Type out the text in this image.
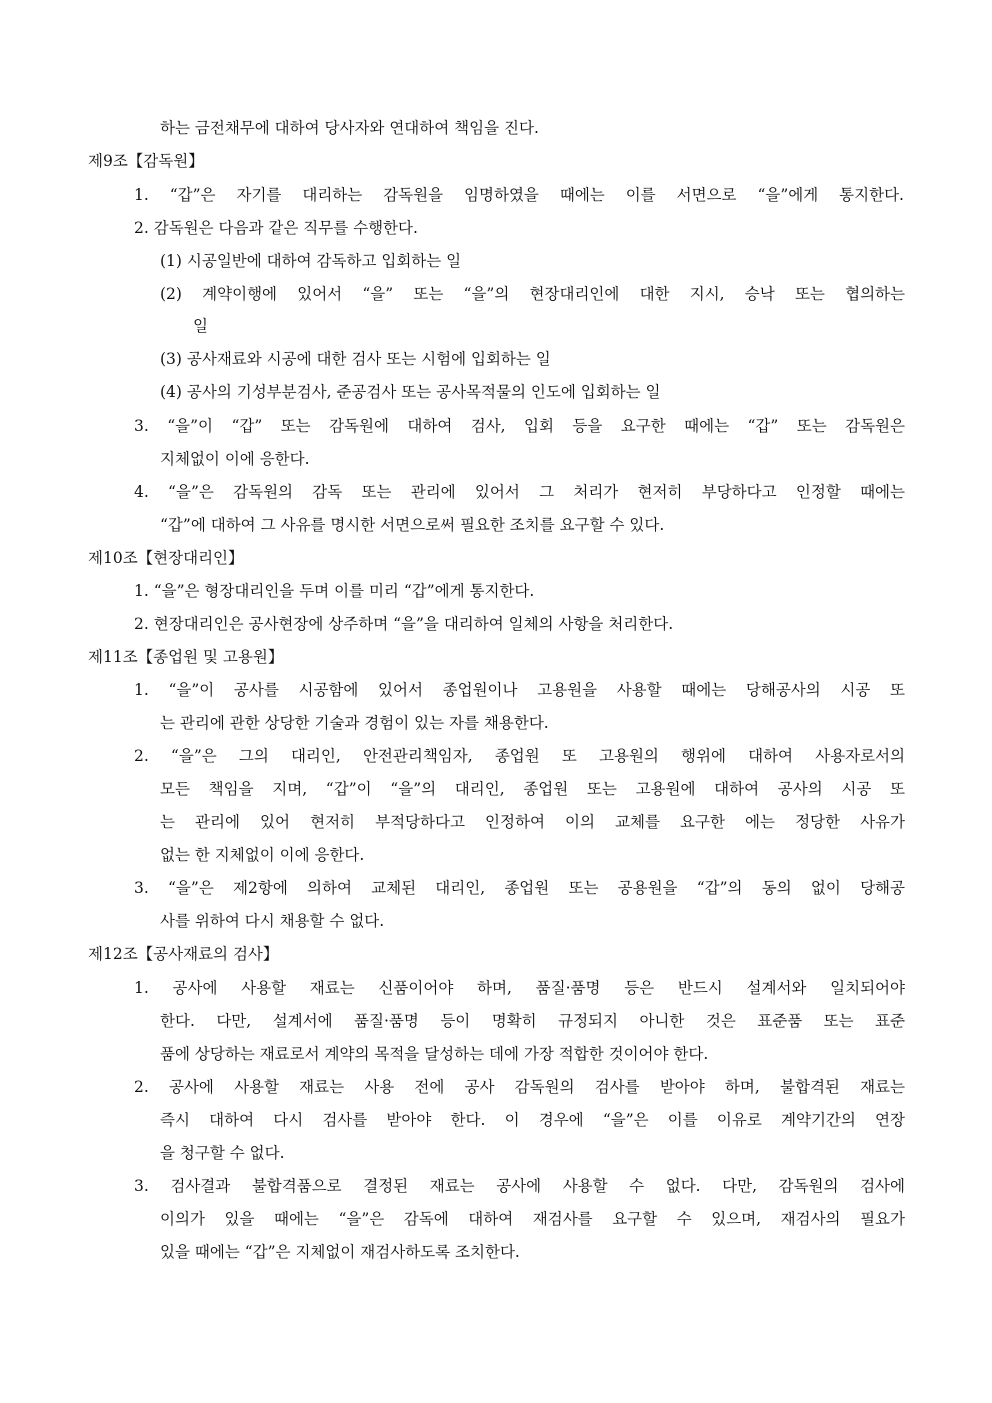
하는 금전채무에 대하여 당사자와 연대하여 책임을 진다.
제9조【감독원】
1. “갑”은 자기를 대리하는 감독원을 임명하였을 때에는 이를 서면으로 “을”에게 통지한다.
2. 감독원은 다음과 같은 직무를 수행한다.
(1) 시공일반에 대하여 감독하고 입회하는 일
(2) 계약이행에 있어서 “을” 또는 “을”의 현장대리인에 대한 지시, 승낙 또는 협의하는
일
(3) 공사재료와 시공에 대한 검사 또는 시험에 입회하는 일
(4) 공사의 기성부분검사, 준공검사 또는 공사목적물의 인도에 입회하는 일
3. “을”이 “갑” 또는 감독원에 대하여 검사, 입회 등을 요구한 때에는 “갑” 또는 감독원은
지체없이 이에 응한다.
4. “을”은 감독원의 감독 또는 관리에 있어서 그 처리가 현저히 부당하다고 인정할 때에는
“갑”에 대하여 그 사유를 명시한 서면으로써 필요한 조치를 요구할 수 있다.
제10조【현장대리인】
1. “을”은 형장대리인을 두며 이를 미리 “갑”에게 통지한다.
2. 현장대리인은 공사현장에 상주하며 “을”을 대리하여 일체의 사항을 처리한다.
제11조【종업원 및 고용원】
1. “을”이 공사를 시공함에 있어서 종업원이나 고용원을 사용할 때에는 당해공사의 시공 또
는 관리에 관한 상당한 기술과 경험이 있는 자를 채용한다.
2. “을”은 그의 대리인, 안전관리책임자, 종업원 또 고용원의 행위에 대하여 사용자로서의
모든 책임을 지며, “갑”이 “을”의 대리인, 종업원 또는 고용원에 대하여 공사의 시공 또
는 관리에 있어 현저히 부적당하다고 인정하여 이의 교체를 요구한 에는 정당한 사유가
없는 한 지체없이 이에 응한다.
3. “을”은 제2항에 의하여 교체된 대리인, 종업원 또는 공용원을 “갑”의 동의 없이 당해공
사를 위하여 다시 채용할 수 없다.
제12조【공사재료의 검사】
1. 공사에 사용할 재료는 신품이어야 하며, 품질·품명 등은 반드시 설계서와 일치되어야
한다. 다만, 설계서에 품질·품명 등이 명확히 규정되지 아니한 것은 표준품 또는 표준
품에 상당하는 재료로서 계약의 목적을 달성하는 데에 가장 적합한 것이어야 한다.
2. 공사에 사용할 재료는 사용 전에 공사 감독원의 검사를 받아야 하며, 불합격된 재료는
즉시 대하여 다시 검사를 받아야 한다. 이 경우에 “을”은 이를 이유로 계약기간의 연장
을 청구할 수 없다.
3. 검사결과 불합격품으로 결정된 재료는 공사에 사용할 수 없다. 다만, 감독원의 검사에
이의가 있을 때에는 “을”은 감독에 대하여 재검사를 요구할 수 있으며, 재검사의 필요가
있을 때에는 “갑”은 지체없이 재검사하도록 조치한다.
